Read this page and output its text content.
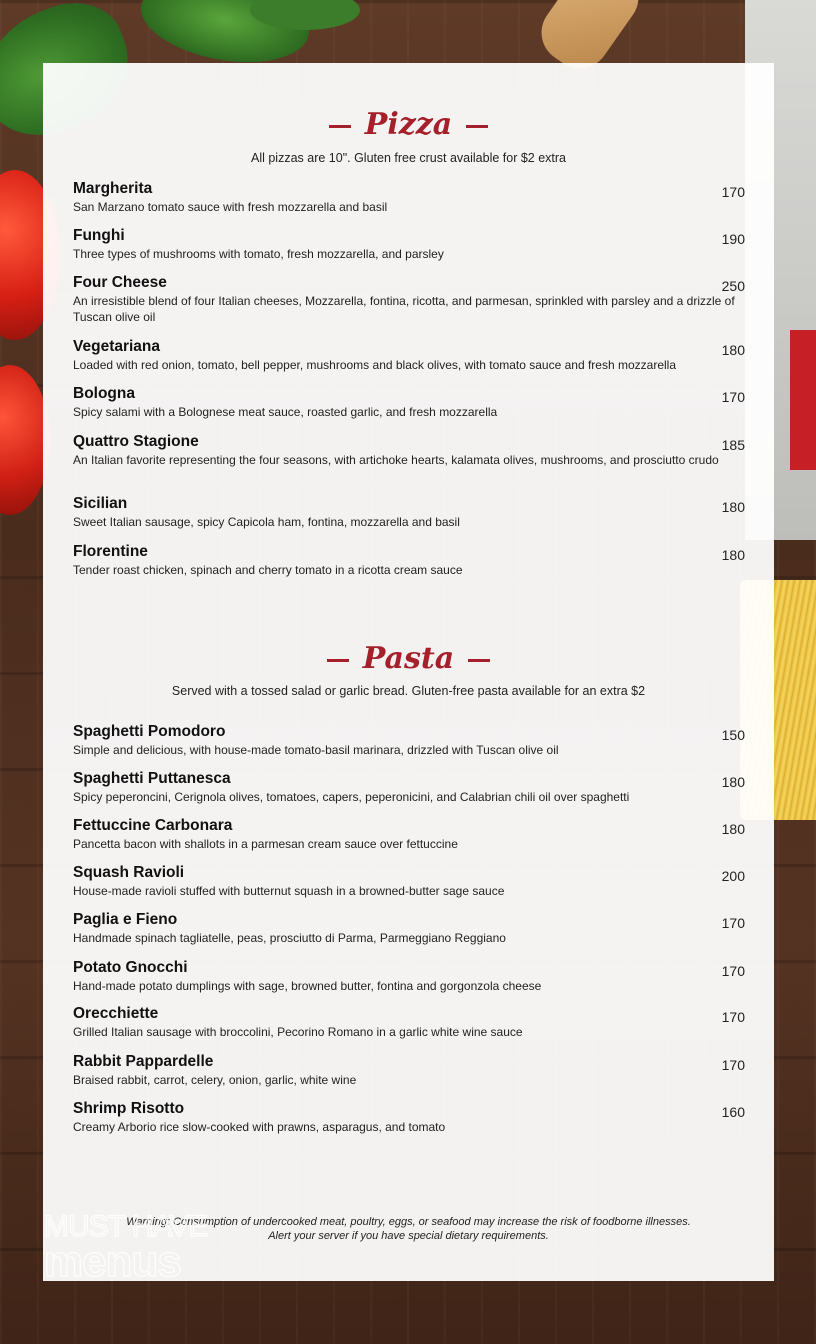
Pizza
All pizzas are 10". Gluten free crust available for $2 extra
Margherita
San Marzano tomato sauce with fresh mozzarella and basil
170
Funghi
Three types of mushrooms with tomato, fresh mozzarella, and parsley
190
Four Cheese
An irresistible blend of four Italian cheeses, Mozzarella, fontina, ricotta, and parmesan, sprinkled with parsley and a drizzle of Tuscan olive oil
250
Vegetariana
Loaded with red onion, tomato, bell pepper, mushrooms and black olives, with tomato sauce and fresh mozzarella
180
Bologna
Spicy salami with a Bolognese meat sauce, roasted garlic, and fresh mozzarella
170
Quattro Stagione
An Italian favorite representing the four seasons, with artichoke hearts, kalamata olives, mushrooms, and prosciutto crudo
185
Sicilian
Sweet Italian sausage, spicy Capicola ham, fontina, mozzarella and basil
180
Florentine
Tender roast chicken, spinach and cherry tomato in a ricotta cream sauce
180
Pasta
Served with a tossed salad or garlic bread. Gluten-free pasta available for an extra $2
Spaghetti Pomodoro
Simple and delicious, with house-made tomato-basil marinara, drizzled with Tuscan olive oil
150
Spaghetti Puttanesca
Spicy peperoncini, Cerignola olives, tomatoes, capers, peperonicini, and Calabrian chili oil over spaghetti
180
Fettuccine Carbonara
Pancetta bacon with shallots in a parmesan cream sauce over fettuccine
180
Squash Ravioli
House-made ravioli stuffed with butternut squash in a browned-butter sage sauce
200
Paglia e Fieno
Handmade spinach tagliatelle, peas, prosciutto di Parma, Parmeggiano Reggiano
170
Potato Gnocchi
Hand-made potato dumplings with sage, browned butter, fontina and gorgonzola cheese
170
Orecchiette
Grilled Italian sausage with broccolini, Pecorino Romano in a garlic white wine sauce
170
Rabbit Pappardelle
Braised rabbit, carrot, celery, onion, garlic, white wine
170
Shrimp Risotto
Creamy Arborio rice slow-cooked with prawns, asparagus, and tomato
160
Warning: Consumption of undercooked meat, poultry, eggs, or seafood may increase the risk of foodborne illnesses.
Alert your server if you have special dietary requirements.
MUST HAVE
menus
